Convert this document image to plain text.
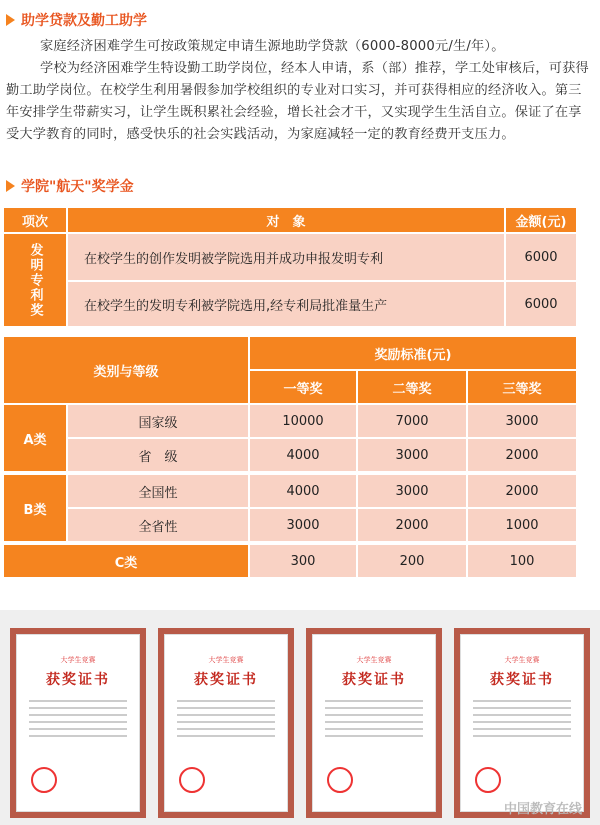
助学贷款及勤工助学
家庭经济困难学生可按政策规定申请生源地助学贷款（6000-8000元/生/年）。
学校为经济困难学生特设勤工助学岗位，经本人申请，系（部）推荐，学工处审核后，可获得勤工助学岗位。在校学生利用暑假参加学校组织的专业对口实习，并可获得相应的经济收入。第三年安排学生带薪实习，让学生既积累社会经验，增长社会才干，又实现学生生活自立。保证了在享受大学教育的同时，感受快乐的社会实践活动，为家庭减轻一定的教育经费开支压力。
学院"航天"奖学金
项次	对　象	金额(元)
发明专利奖	在校学生的创作发明被学院选用并成功申报发明专利	6000
在校学生的发明专利被学院选用,经专利局批准量生产	6000
类别与等级
奖励标准(元)
一等奖	二等奖	三等奖
A类
国家级	10000	7000	3000
省　级	4000	3000	2000
B类
全国性	4000	3000	2000
全省性	3000	2000	1000
C类	300	200	100
大学生竞赛
获奖证书
大学生竞赛
获奖证书
大学生竞赛
获奖证书
大学生竞赛
获奖证书
中国教育在线
